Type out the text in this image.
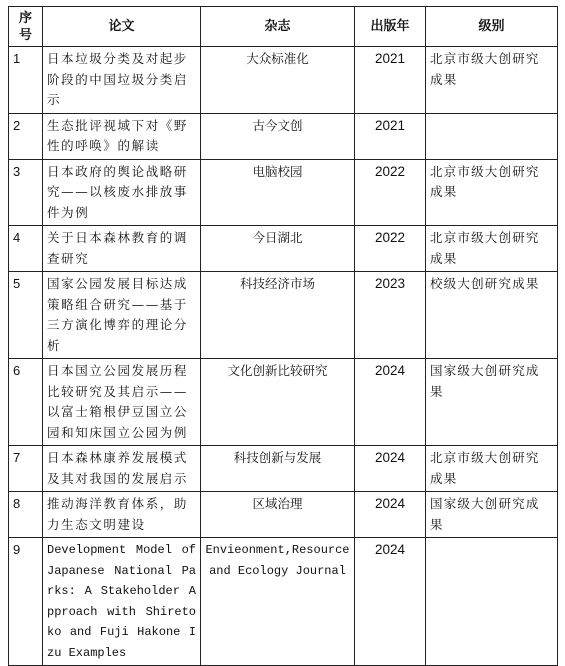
序号	论文	杂志	出版年	级别
1	日本垃圾分类及对起步阶段的中国垃圾分类启示	大众标准化	2021	北京市级大创研究成果
2	生态批评视域下对《野性的呼唤》的解读	古今文创	2021	
3	日本政府的舆论战略研究——以核废水排放事件为例	电脑校园	2022	北京市级大创研究成果
4	关于日本森林教育的调查研究	今日湖北	2022	北京市级大创研究成果
5	国家公园发展目标达成策略组合研究——基于三方演化博弈的理论分析	科技经济市场	2023	校级大创研究成果
6	日本国立公园发展历程比较研究及其启示——以富士箱根伊豆国立公园和知床国立公园为例	文化创新比较研究	2024	国家级大创研究成果
7	日本森林康养发展模式及其对我国的发展启示	科技创新与发展	2024	北京市级大创研究成果
8	推动海洋教育体系，助力生态文明建设	区域治理	2024	国家级大创研究成果
9	Development Model of Japanese National Parks: A Stakeholder Approach with Shiretoko and Fuji Hakone Izu Examples	Envieonment,Resource and Ecology Journal	2024	
